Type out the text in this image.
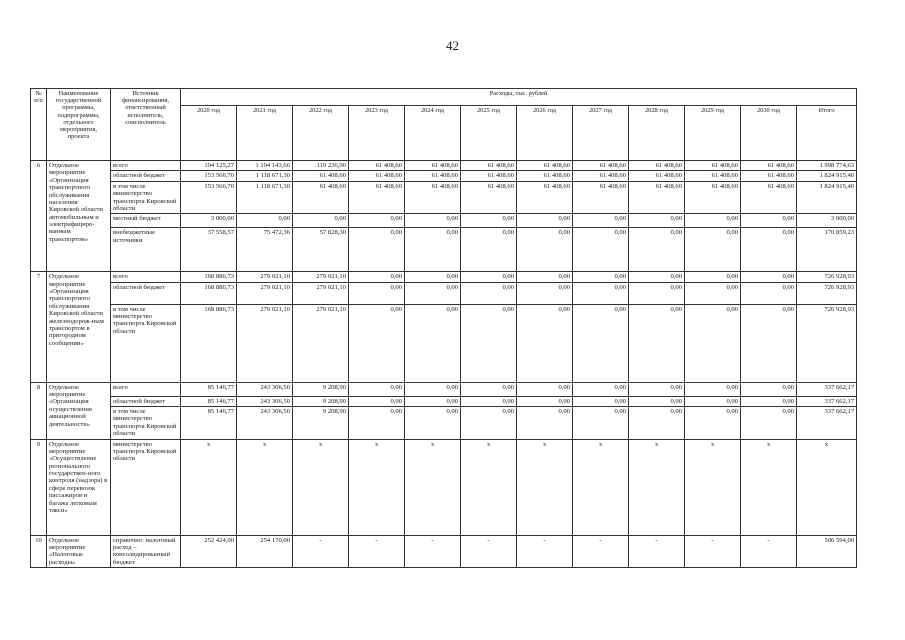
42
№ п/п	Наименование государственной программы, подпрограммы, отдельного мероприятия, проекта	Источник финансирования, ответственный исполнитель, соисполнитель	Расходы, тыс. рублей											
			2020 год	2021 год	2022 год	2023 год	2024 год	2025 год	2026 год	2027 год	2028 год	2029 год	2030 год	Итого
6	Отдельное мероприятие «Организация транспортного обслуживания населения Кировской области автомобильным и электрифициро-ванным транспортом»	всего	194 125,27	1 194 143,66	119 236,90	61 408,60	61 408,60	61 408,60	61 408,60	61 408,60	61 408,60	61 408,60	61 408,60	1 998 774,63
		областной бюджет	153 566,70	1 118 671,30	61 408,60	61 408,60	61 408,60	61 408,60	61 408,60	61 408,60	61 408,60	61 408,60	61 408,60	1 824 915,40
		в том числе министерство транспорта Кировской области	153 566,70	1 118 671,30	61 408,60	61 408,60	61 408,60	61 408,60	61 408,60	61 408,60	61 408,60	61 408,60	61 408,60	1 824 915,40
		местный бюджет	3 000,00	0,00	0,00	0,00	0,00	0,00	0,00	0,00	0,00	0,00	0,00	3 000,00
		внебюджетные источники	37 558,57	75 472,36	57 828,30	0,00	0,00	0,00	0,00	0,00	0,00	0,00	0,00	170 859,23
7	Отдельное мероприятие «Организация транспортного обслуживания Кировской области железнодорож-ным транспортом в пригородном сообщении»	всего	168 886,73	279 021,10	279 021,10	0,00	0,00	0,00	0,00	0,00	0,00	0,00	0,00	726 928,93
		областной бюджет	168 886,73	279 021,10	279 021,10	0,00	0,00	0,00	0,00	0,00	0,00	0,00	0,00	726 928,93
		в том числе министерство транспорта Кировской области	168 886,73	279 021,10	279 021,10	0,00	0,00	0,00	0,00	0,00	0,00	0,00	0,00	726 928,93
8	Отдельное мероприятие «Организация осуществления авиационной деятельности»	всего	85 146,77	243 306,50	9 208,90	0,00	0,00	0,00	0,00	0,00	0,00	0,00	0,00	337 662,17
		областной бюджет	85 146,77	243 306,50	9 208,90	0,00	0,00	0,00	0,00	0,00	0,00	0,00	0,00	337 662,17
		в том числе министерство транспорта Кировской области	85 146,77	243 306,50	9 208,90	0,00	0,00	0,00	0,00	0,00	0,00	0,00	0,00	337 662,17
9	Отдельное мероприятие «Осуществление регионального государствен-ного контроля (надзора) в сфере перевозок пассажиров и багажа легковым такси»	министерство транспорта Кировской области	x	x	x	x	x	x	x	x	x	x	x	x
10	Отдельное мероприятие «Налоговые расходы»	справочно: налоговый расход – консолидированный бюджет	252 424,00	254 170,00	-	-	-	-	-	-	-	-	-	506 594,00
